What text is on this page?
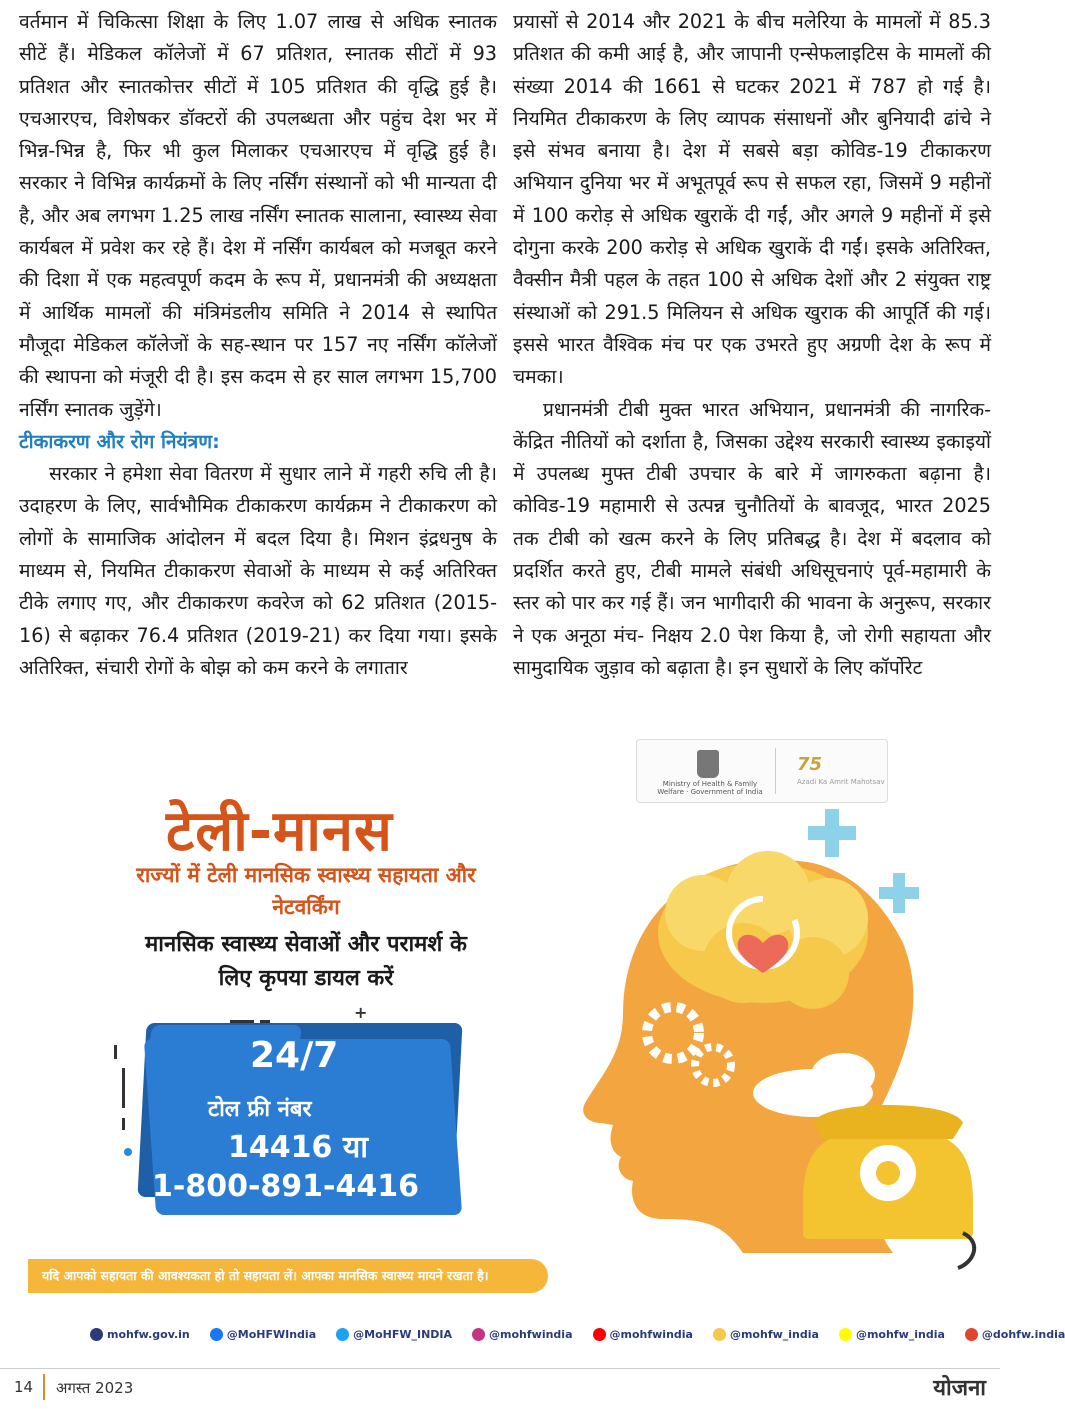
वर्तमान में चिकित्सा शिक्षा के लिए 1.07 लाख से अधिक स्नातक सीटें हैं। मेडिकल कॉलेजों में 67 प्रतिशत, स्नातक सीटों में 93 प्रतिशत और स्नातकोत्तर सीटों में 105 प्रतिशत की वृद्धि हुई है। एचआरएच, विशेषकर डॉक्टरों की उपलब्धता और पहुंच देश भर में भिन्न-भिन्न है, फिर भी कुल मिलाकर एचआरएच में वृद्धि हुई है। सरकार ने विभिन्न कार्यक्रमों के लिए नर्सिंग संस्थानों को भी मान्यता दी है, और अब लगभग 1.25 लाख नर्सिंग स्नातक सालाना, स्वास्थ्य सेवा कार्यबल में प्रवेश कर रहे हैं। देश में नर्सिंग कार्यबल को मजबूत करने की दिशा में एक महत्वपूर्ण कदम के रूप में, प्रधानमंत्री की अध्यक्षता में आर्थिक मामलों की मंत्रिमंडलीय समिति ने 2014 से स्थापित मौजूदा मेडिकल कॉलेजों के सह-स्थान पर 157 नए नर्सिंग कॉलेजों की स्थापना को मंजूरी दी है। इस कदम से हर साल लगभग 15,700 नर्सिंग स्नातक जुड़ेंगे।

टीकाकरण और रोग नियंत्रण:

सरकार ने हमेशा सेवा वितरण में सुधार लाने में गहरी रुचि ली है। उदाहरण के लिए, सार्वभौमिक टीकाकरण कार्यक्रम ने टीकाकरण को लोगों के सामाजिक आंदोलन में बदल दिया है। मिशन इंद्रधनुष के माध्यम से, नियमित टीकाकरण सेवाओं के माध्यम से कई अतिरिक्त टीके लगाए गए, और टीकाकरण कवरेज को 62 प्रतिशत (2015-16) से बढ़ाकर 76.4 प्रतिशत (2019-21) कर दिया गया। इसके अतिरिक्त, संचारी रोगों के बोझ को कम करने के लगातार

प्रयासों से 2014 और 2021 के बीच मलेरिया के मामलों में 85.3 प्रतिशत की कमी आई है, और जापानी एन्सेफलाइटिस के मामलों की संख्या 2014 की 1661 से घटकर 2021 में 787 हो गई है। नियमित टीकाकरण के लिए व्यापक संसाधनों और बुनियादी ढांचे ने इसे संभव बनाया है। देश में सबसे बड़ा कोविड-19 टीकाकरण अभियान दुनिया भर में अभूतपूर्व रूप से सफल रहा, जिसमें 9 महीनों में 100 करोड़ से अधिक खुराकें दी गईं, और अगले 9 महीनों में इसे दोगुना करके 200 करोड़ से अधिक खुराकें दी गईं। इसके अतिरिक्त, वैक्सीन मैत्री पहल के तहत 100 से अधिक देशों और 2 संयुक्त राष्ट्र संस्थाओं को 291.5 मिलियन से अधिक खुराक की आपूर्ति की गई। इससे भारत वैश्विक मंच पर एक उभरते हुए अग्रणी देश के रूप में चमका।

प्रधानमंत्री टीबी मुक्त भारत अभियान, प्रधानमंत्री की नागरिक-केंद्रित नीतियों को दर्शाता है, जिसका उद्देश्य सरकारी स्वास्थ्य इकाइयों में उपलब्ध मुफ्त टीबी उपचार के बारे में जागरुकता बढ़ाना है। कोविड-19 महामारी से उत्पन्न चुनौतियों के बावजूद, भारत 2025 तक टीबी को खत्म करने के लिए प्रतिबद्ध है। देश में बदलाव को प्रदर्शित करते हुए, टीबी मामले संबंधी अधिसूचनाएं पूर्व-महामारी के स्तर को पार कर गई हैं। जन भागीदारी की भावना के अनुरूप, सरकार ने एक अनूठा मंच- निक्षय 2.0 पेश किया है, जो रोगी सहायता और सामुदायिक जुड़ाव को बढ़ाता है। इन सुधारों के लिए कॉर्पोरेट

Ministry of Health & Family Welfare · Government of India
75
Azadi Ka Amrit Mahotsav
टेली-मानस
राज्यों में टेली मानसिक स्वास्थ्य सहायता और नेटवर्किंग
मानसिक स्वास्थ्य सेवाओं और परामर्श के लिए कृपया डायल करें
+
24/7
टोल फ्री नंबर
14416 या
1-800-891-4416
यदि आपको सहायता की आवश्यकता हो तो सहायता लें। आपका मानसिक स्वास्थ्य मायने रखता है।
mohfw.gov.in	@MoHFWIndia	@MoHFW_INDIA	@mohfwindia	@mohfwindia	@mohfw_india	@mohfw_india	@dohfw.india
14 अगस्त 2023	योजना
